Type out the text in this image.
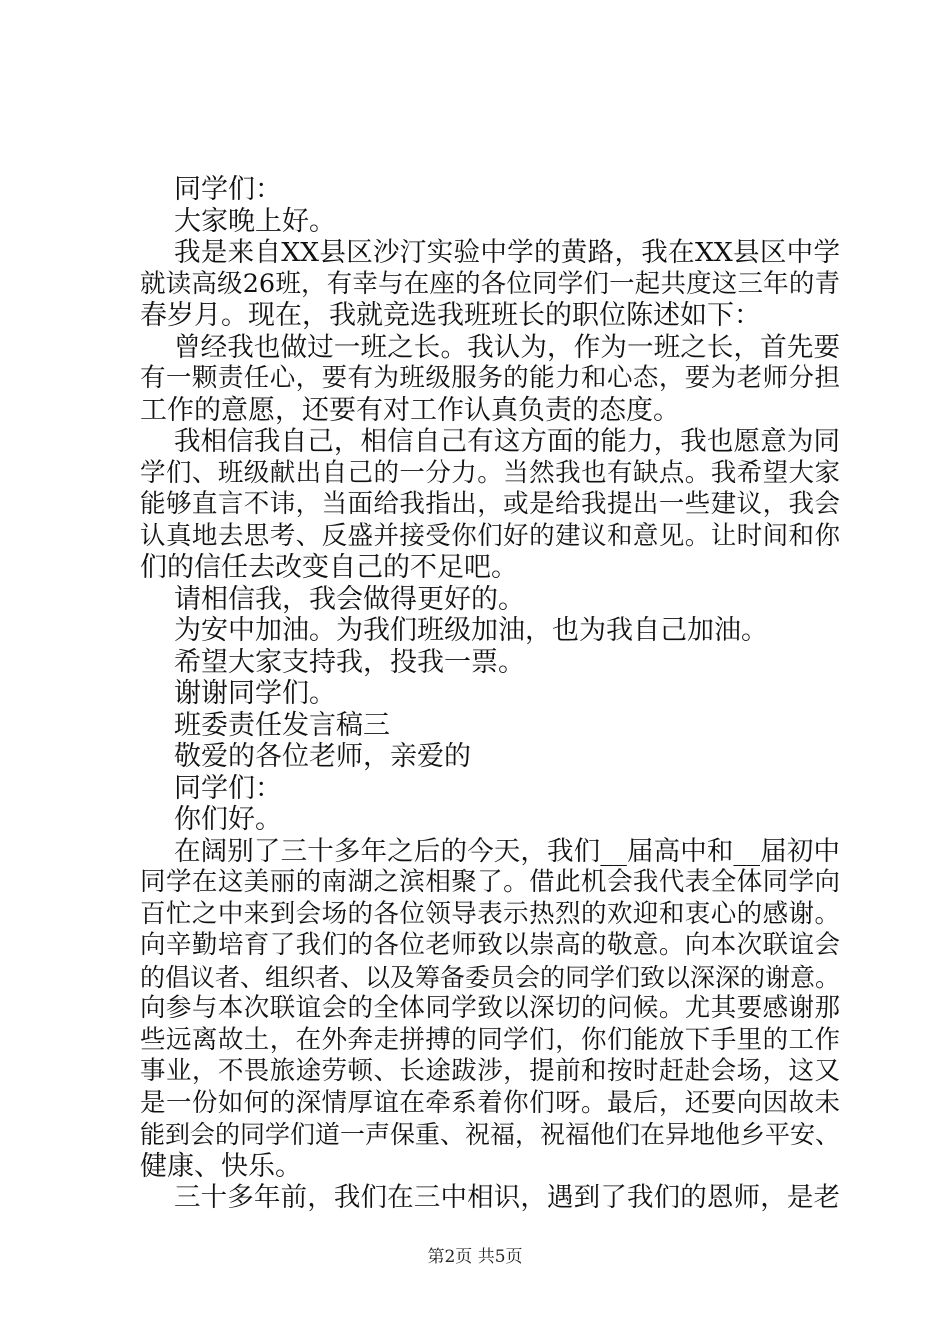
同学们：
大家晚上好。
我是来自XX县区沙汀实验中学的黄路，我在XX县区中学
就读高级26班，有幸与在座的各位同学们一起共度这三年的青
春岁月。现在，我就竞选我班班长的职位陈述如下：
曾经我也做过一班之长。我认为，作为一班之长，首先要
有一颗责任心，要有为班级服务的能力和心态，要为老师分担
工作的意愿，还要有对工作认真负责的态度。
我相信我自己，相信自己有这方面的能力，我也愿意为同
学们、班级献出自己的一分力。当然我也有缺点。我希望大家
能够直言不讳，当面给我指出，或是给我提出一些建议，我会
认真地去思考、反盛并接受你们好的建议和意见。让时间和你
们的信任去改变自己的不足吧。
请相信我，我会做得更好的。
为安中加油。为我们班级加油，也为我自己加油。
希望大家支持我，投我一票。
谢谢同学们。
班委责任发言稿三
敬爱的各位老师，亲爱的
同学们：
你们好。
在阔别了三十多年之后的今天，我们__届高中和__届初中
同学在这美丽的南湖之滨相聚了。借此机会我代表全体同学向
百忙之中来到会场的各位领导表示热烈的欢迎和衷心的感谢。
向辛勤培育了我们的各位老师致以崇高的敬意。向本次联谊会
的倡议者、组织者、以及筹备委员会的同学们致以深深的谢意。
向参与本次联谊会的全体同学致以深切的问候。尤其要感谢那
些远离故土，在外奔走拼搏的同学们，你们能放下手里的工作
事业，不畏旅途劳顿、长途跋涉，提前和按时赶赴会场，这又
是一份如何的深情厚谊在牵系着你们呀。最后，还要向因故未
能到会的同学们道一声保重、祝福，祝福他们在异地他乡平安、
健康、快乐。
三十多年前，我们在三中相识，遇到了我们的恩师，是老
第2页 共5页
